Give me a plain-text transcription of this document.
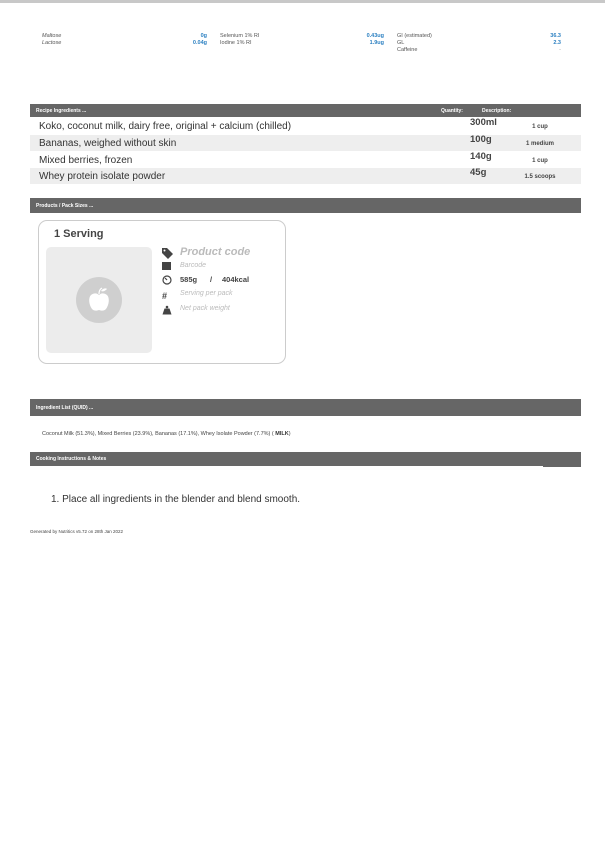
Maltose	0g
Lactose	0.04g
Selenium 1% RI	0.43ug
Iodine 1% RI	1.9ug
GI (estimated)	36.3
GL	2.3
Caffeine	-
Recipe Ingredients ...	Quantity:	Description:
Koko, coconut milk, dairy free, original + calcium (chilled)	300ml	1 cup
Bananas, weighed without skin	100g	1 medium
Mixed berries, frozen	140g	1 cup
Whey protein isolate powder	45g	1.5 scoops
Products / Pack Sizes ...
1 Serving
Product code
Barcode
585g / 404kcal
#	Serving per pack
Net pack weight
Ingredient List (QUID) ...
Coconut Milk (51.3%), Mixed Berries (23.9%), Bananas (17.1%), Whey Isolate Powder (7.7%) ( MILK)
Cooking Instructions & Notes
1. Place all ingredients in the blender and blend smooth.
Generated by Nutritics v5.72 on 28th Jan 2022
